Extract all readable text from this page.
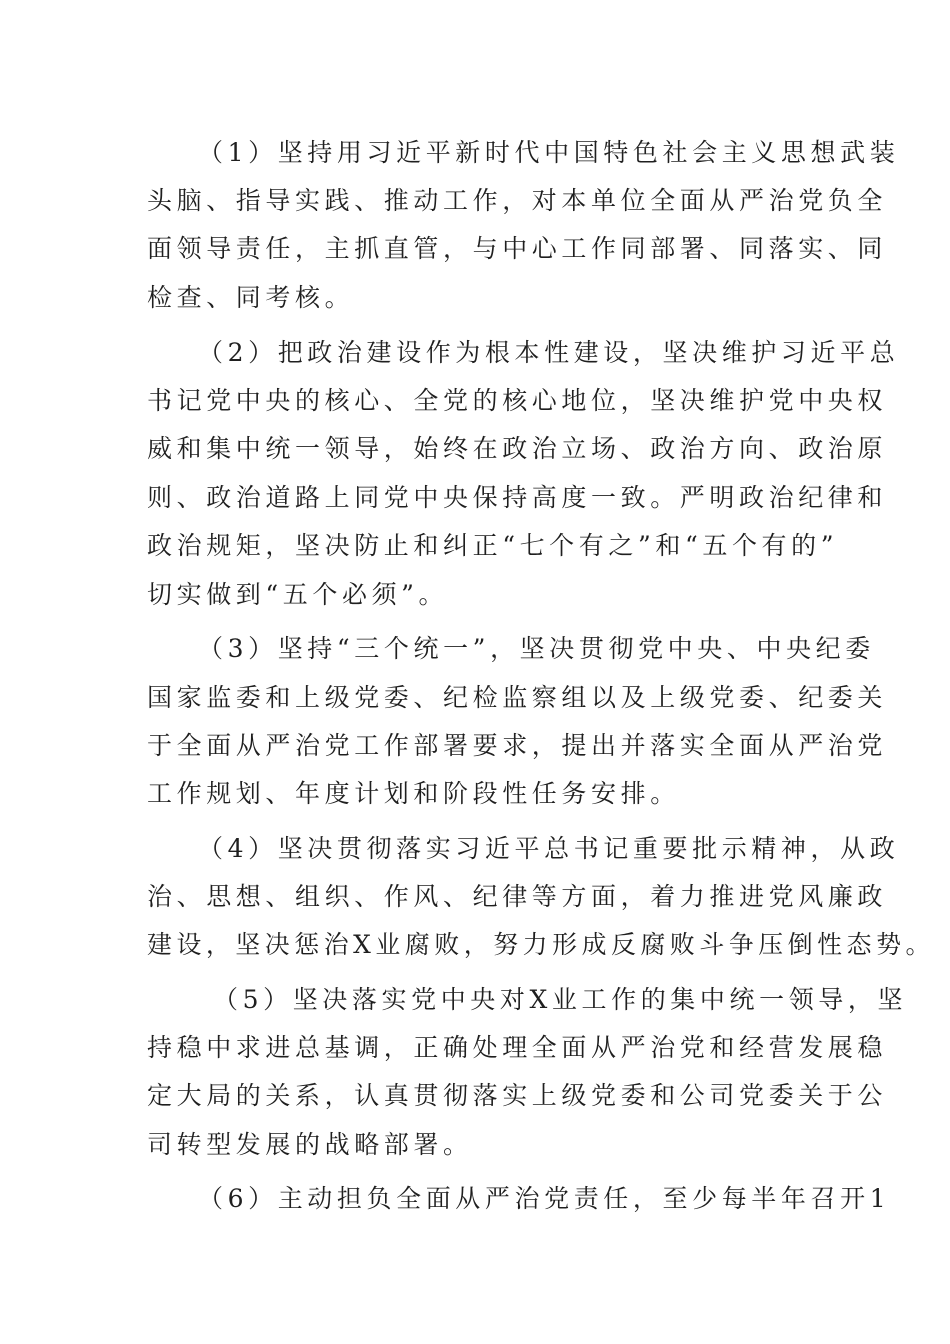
（1）坚持用习近平新时代中国特色社会主义思想武装
头脑、指导实践、推动工作，对本单位全面从严治党负全
面领导责任，主抓直管，与中心工作同部署、同落实、同
检查、同考核。
（2）把政治建设作为根本性建设，坚决维护习近平总
书记党中央的核心、全党的核心地位，坚决维护党中央权
威和集中统一领导，始终在政治立场、政治方向、政治原
则、政治道路上同党中央保持高度一致。严明政治纪律和
政治规矩，坚决防止和纠正“七个有之”和“五个有的”
切实做到“五个必须”。
（3）坚持“三个统一”，坚决贯彻党中央、中央纪委
国家监委和上级党委、纪检监察组以及上级党委、纪委关
于全面从严治党工作部署要求，提出并落实全面从严治党
工作规划、年度计划和阶段性任务安排。
（4）坚决贯彻落实习近平总书记重要批示精神，从政
治、思想、组织、作风、纪律等方面，着力推进党风廉政
建设，坚决惩治X业腐败，努力形成反腐败斗争压倒性态势。
（5）坚决落实党中央对X业工作的集中统一领导，坚
持稳中求进总基调，正确处理全面从严治党和经营发展稳
定大局的关系，认真贯彻落实上级党委和公司党委关于公
司转型发展的战略部署。
（6）主动担负全面从严治党责任，至少每半年召开1
